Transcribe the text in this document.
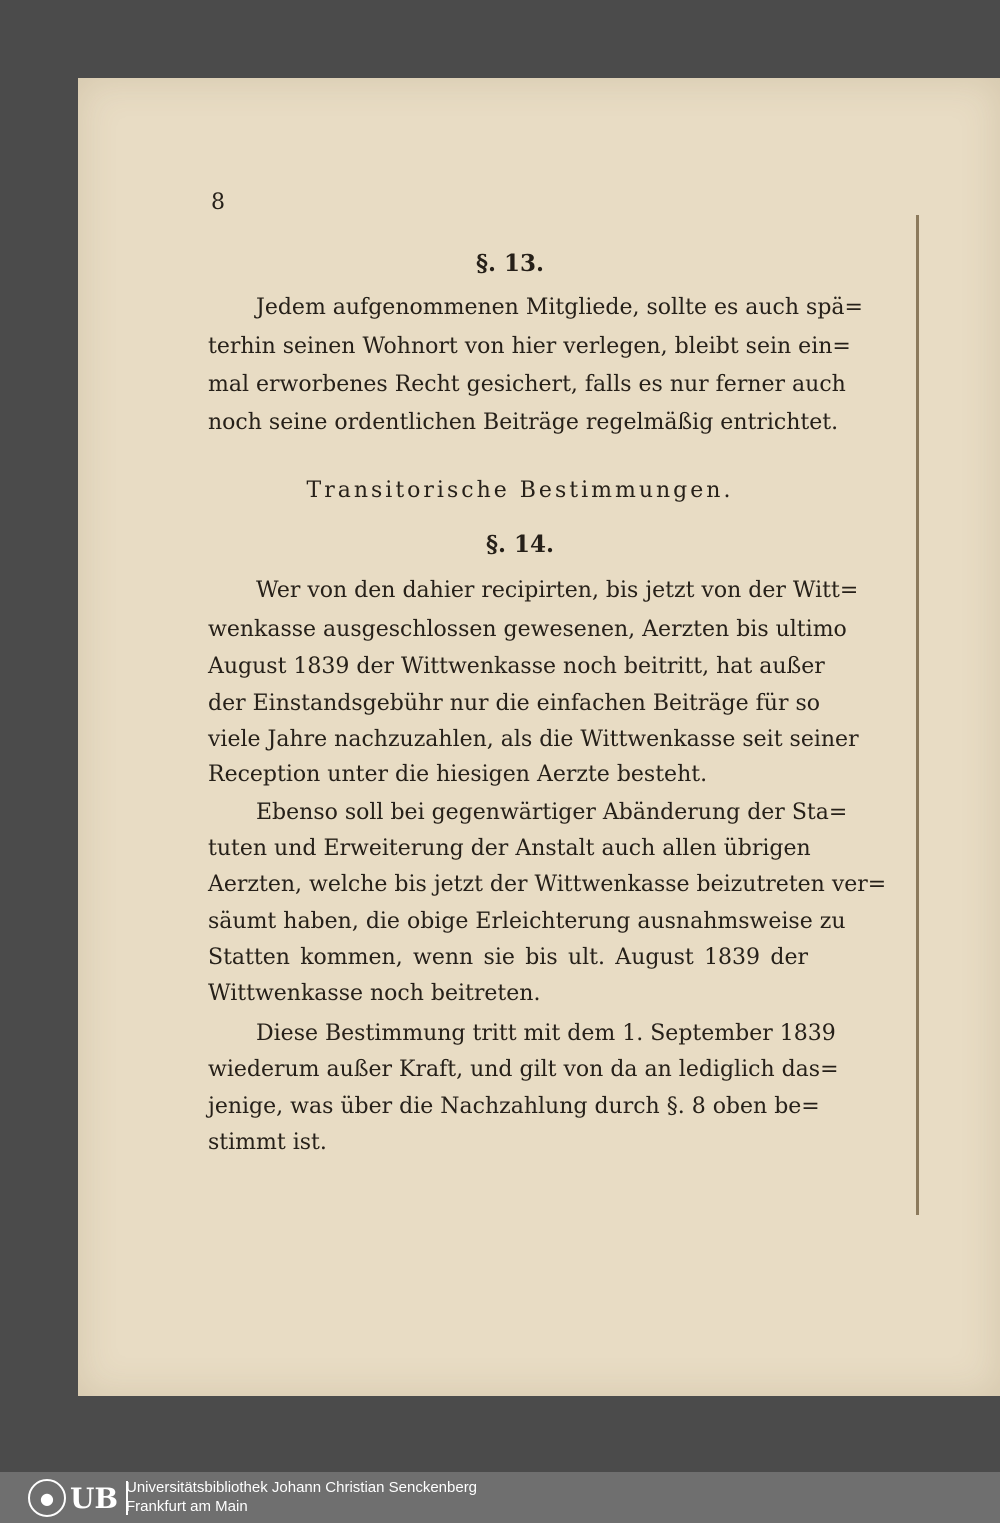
8
§. 13.
Jedem aufgenommenen Mitgliede, sollte es auch spä=
terhin seinen Wohnort von hier verlegen, bleibt sein ein=
mal erworbenes Recht gesichert, falls es nur ferner auch
noch seine ordentlichen Beiträge regelmäßig entrichtet.
Transitorische Bestimmungen.
§. 14.
Wer von den dahier recipirten, bis jetzt von der Witt=
wenkasse ausgeschlossen gewesenen, Aerzten bis ultimo
August 1839 der Wittwenkasse noch beitritt, hat außer
der Einstandsgebühr nur die einfachen Beiträge für so
viele Jahre nachzuzahlen, als die Wittwenkasse seit seiner
Reception unter die hiesigen Aerzte besteht.
Ebenso soll bei gegenwärtiger Abänderung der Sta=
tuten und Erweiterung der Anstalt auch allen übrigen
Aerzten, welche bis jetzt der Wittwenkasse beizutreten ver=
säumt haben, die obige Erleichterung ausnahmsweise zu
Statten kommen, wenn sie bis ult. August 1839 der
Wittwenkasse noch beitreten.
Diese Bestimmung tritt mit dem 1. September 1839
wiederum außer Kraft, und gilt von da an lediglich das=
jenige, was über die Nachzahlung durch §. 8 oben be=
stimmt ist.
● UB Universitätsbibliothek Johann Christian Senckenberg
Frankfurt am Main
